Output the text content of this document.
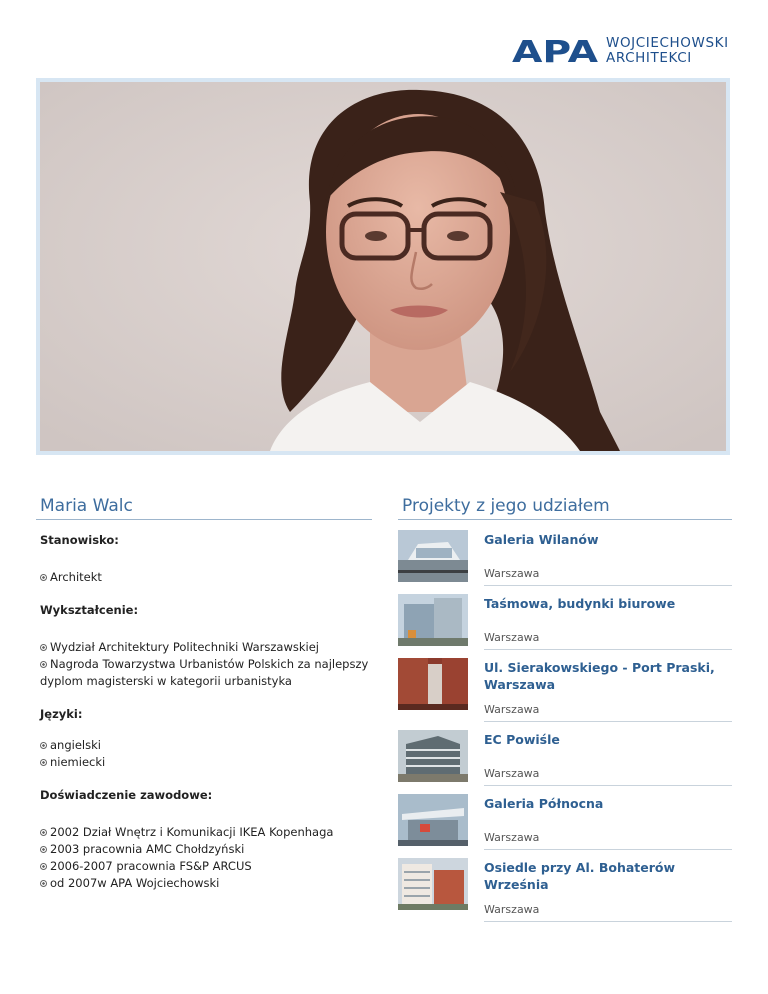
APA WOJCIECHOWSKI
ARCHITEKCI
Maria Walc
Stanowisko:
Architekt
Wykształcenie:
Wydział Architektury Politechniki Warszawskiej
Nagroda Towarzystwa Urbanistów Polskich za najlepszy dyplom magisterski w kategorii urbanistyka
Języki:
angielski
niemiecki
Doświadczenie zawodowe:
2002 Dział Wnętrz i Komunikacji IKEA Kopenhaga
2003 pracownia AMC Chołdzyński
2006-2007 pracownia FS&P ARCUS
od 2007w APA Wojciechowski
Projekty z jego udziałem
Galeria Wilanów
Warszawa
Taśmowa, budynki biurowe
Warszawa
Ul. Sierakowskiego - Port Praski, Warszawa
Warszawa
EC Powiśle
Warszawa
Galeria Północna
Warszawa
Osiedle przy Al. Bohaterów Września
Warszawa
